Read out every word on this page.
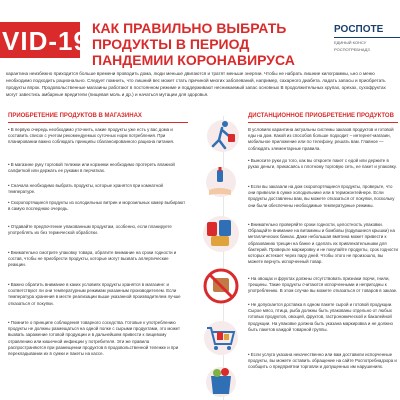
VID-19 КАК ПРАВИЛЬНО ВЫБРАТЬ ПРОДУКТЫ В ПЕРИОД ПАНДЕМИИ КОРОНАВИРУСА
РОСПОТЕ
ЕДИНЫЙ КОНСУ
РОСПОТРЕБНАДЗ
карантина неизбежно приходится больше времени проводить дома, люди меньше двигаются и тратят меньше энергии. Чтобы не набрать лишние килограммы, ьно о меню необходимо подходить рационально. Следует помнить, что лишний вес может стать причиной многих заболеваний, например, сахарного диабета. ладать запасы и приобретать продукты впрок. Продовольственные магазины работают в постоянном режиме и поддерживают неснижаемый запас основных В продолжительных хрупах, орехах, сухофруктах могут завестись амбарные вредители (пищевая моль и др.) и начаться мутации для здоровья.
ПРИОБРЕТЕНИЕ ПРОДУКТОВ В МАГАЗИНАХ
• В первую очередь необходимо уточнить, какие продукты уже есть у вас дома и составить список с учетом рекомендуемых суточных норм потребления. При планировании важно соблюдать принципы сбалансированного рациона питания.
• В магазине руку торговой тележки или корзинки необходимо протереть влажной салфеткой или держать ее руками в перчатках.
• Сначала необходимо выбрать продукты, которые хранятся при комнатной температуре.
• Скоропортящиеся продукты из холодильных витрин и морозильных камер выбирают в самую последнюю очередь.
• Отдавайте предпочтение упакованным продуктам, особенно, если планируете употреблять их без термической обработки.
• Внимательно смотрите упаковку товара, обратите внимание на сроки годности и состав, чтобы не приобрести продукты, которые могут вызвать аллергические реакции.
• Важно обратить внимание в каких условиях продукты хранятся в магазине: и соответствуют ли они температурным режимам указанным производителем. Если температура хранения в месте реализации выше указанной производителем лучше отказаться от покупки.
• Помните о принципе соблюдения товарного соседства. Готовые к употреблению продукты не должны размещаться на одной полке с сырыми продуктами, это может вызвать заражение готовой продукции и в дальнейшем привести к пищевому отравлению или кишечной инфекции у потребителя. Эти же правила распространяются при размещении продуктов в продовольственной тележке и при перекладывании их в сумки и пакеты на кассе.
ДИСТАНЦИОННОЕ ПРИОБРЕТЕНИЕ ПРОДУКТОВ
В условиях карантина актуальны системы заказов продуктов и готовой еды на дом. Какой из способов больше подходит – интернет-магазин, мобильное приложение или по телефону, решать вам. Главное — соблюдать элементарные правила.
• Выносите руки до того, как вы откроете пакет с едой или держите в руках деньги, прикасаясь к плотному торговую сеть, ее пакет и упаковку.
• Если вы заказали на дом скоропортящиеся продукты, проверьте, что они привезли в сумке холодильнике или в термоконтейнере. Если продукты доставлены вам, вы можете отказаться от покупки, поскольку они были обеспечены необходимые температурные режимы.
• Внимательно проверяйте сроки годности, целостность упаковки. Обращайте внимание на витамины и бомбовы (вздувшиеся крышки) на металлических банках. Даже небольшая вмятина может привести к образованию трещин на банке и сделать их привлекательными для бактерий. Проверьте маркировку и не покупайте продукты, срок годности которых истекает через пару дней. Чтобы этого не произошло, вы можете вернуть испорченный товар.
• На овощах и фруктах должны отсутствовать признаки порчи, гнили, трещины. Такие продукты считаются испорченными и непригодны к употреблению. В этом случае вы можете отказаться от товаров в заказе.
• Не допускается доставка в одном пакете сырой и готовой продукции. Сырое мясо, птица, рыба должны быть упакованы отдельно от любых готовых продуктов, овощей, фруктов, гастрономической и бакалейной продукции. На упаковке должна быть указана маркировка и не должно быть пакетов каждой товарной группы.
• Если услуга указана некачественно или вам доставили испорченные продукты, вы можете оставить обращение на сайте Роспотребнадзора и сообщить о предприятии торговли и допущенных им нарушениях.
